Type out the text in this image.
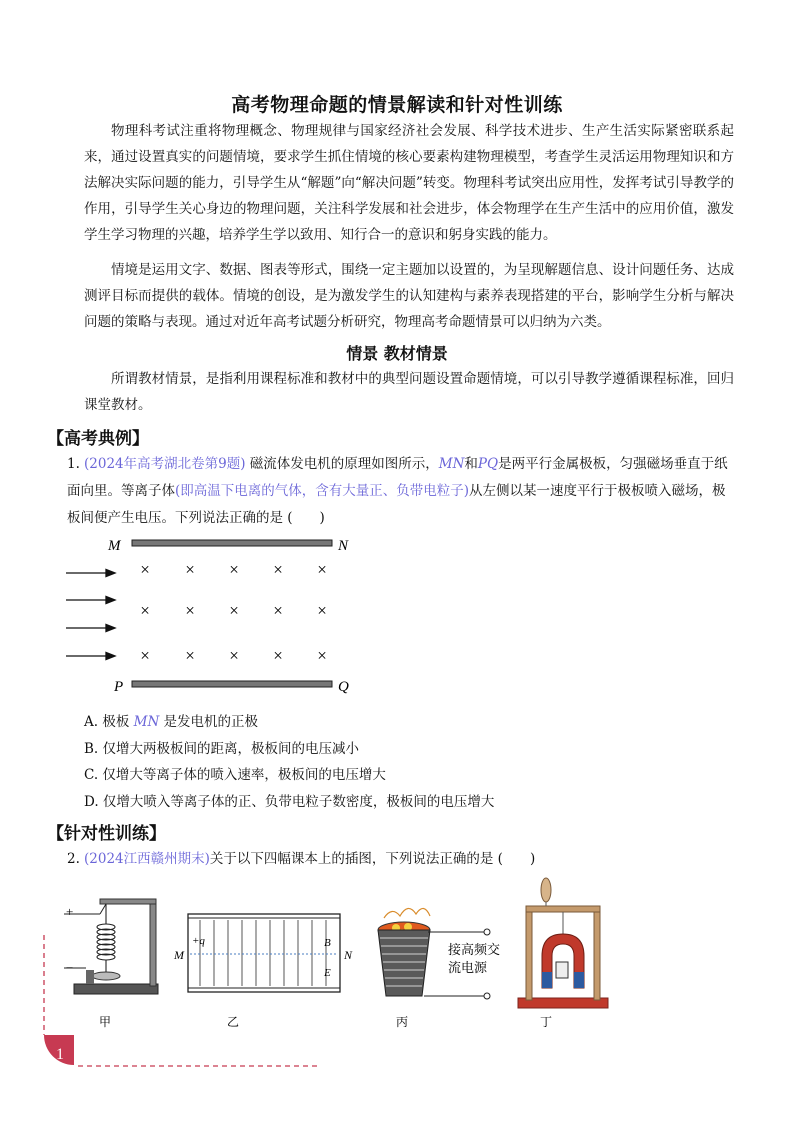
高考物理命题的情景解读和针对性训练

物理科考试注重将物理概念、物理规律与国家经济社会发展、科学技术进步、生产生活实际紧密联系起来，通过设置真实的问题情境，要求学生抓住情境的核心要素构建物理模型，考查学生灵活运用物理知识和方法解决实际问题的能力，引导学生从“解题”向“解决问题”转变。物理科考试突出应用性，发挥考试引导教学的作用，引导学生关心身边的物理问题，关注科学发展和社会进步，体会物理学在生产生活中的应用价值，激发学生学习物理的兴趣，培养学生学以致用、知行合一的意识和躬身实践的能力。

情境是运用文字、数据、图表等形式，围绕一定主题加以设置的，为呈现解题信息、设计问题任务、达成测评目标而提供的载体。情境的创设，是为激发学生的认知建构与素养表现搭建的平台，影响学生分析与解决问题的策略与表现。通过对近年高考试题分析研究，物理高考命题情景可以归纳为六类。

情景 教材情景

所谓教材情景，是指利用课程标准和教材中的典型问题设置命题情境，可以引导教学遵循课程标准，回归课堂教材。

【高考典例】

1. (2024年高考湖北卷第9题) 磁流体发电机的原理如图所示，MN和PQ是两平行金属极板，匀强磁场垂直于纸面向里。等离子体(即高温下电离的气体，含有大量正、负带电粒子)从左侧以某一速度平行于极板喷入磁场，极板间便产生电压。下列说法正确的是 (　　)

M	N
× × × × ×
× × × × ×
× × × × ×
P	Q
A. 极板 MN 是发电机的正极
B. 仅增大两极板间的距离，极板间的电压减小
C. 仅增大等离子体的喷入速率，极板间的电压增大
D. 仅增大喷入等离子体的正、负带电粒子数密度，极板间的电压增大
【针对性训练】

2. (2024江西赣州期末)关于以下四幅课本上的插图，下列说法正确的是 (　　)

+
−
M	N
+q	B
E
接高频交
流电源
甲	乙	丙	丁
1
